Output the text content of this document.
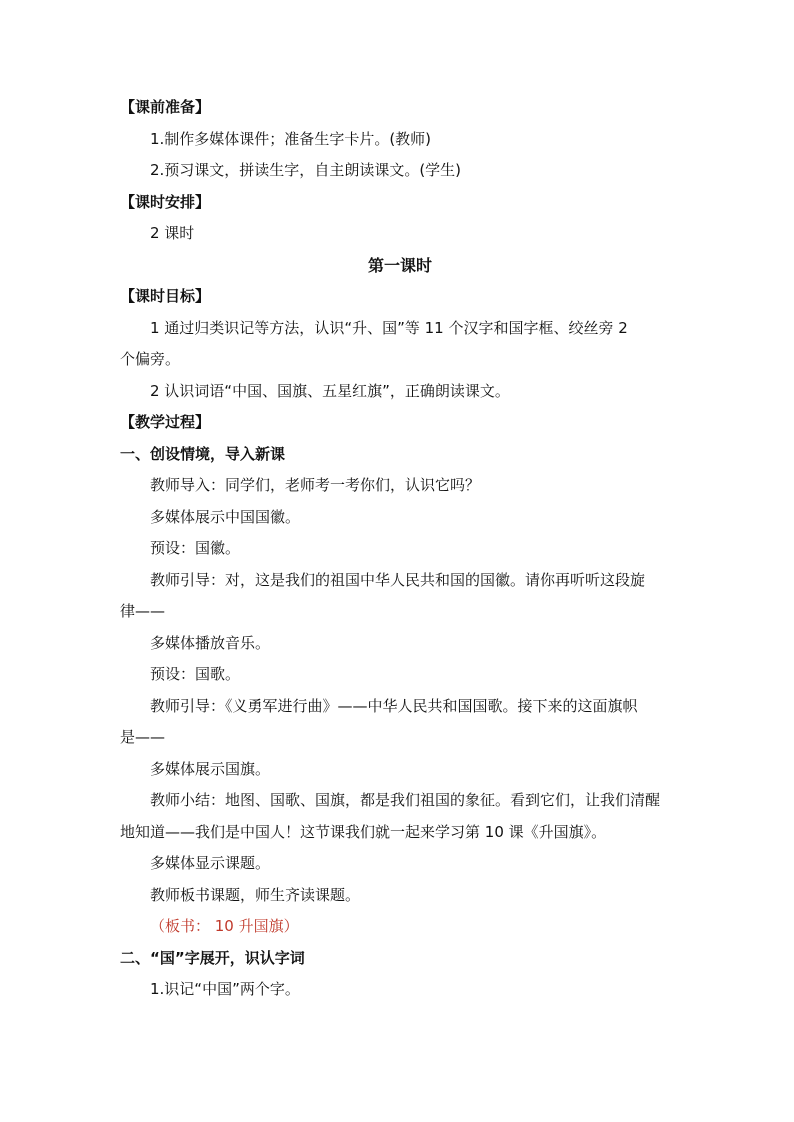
【课前准备】
1.制作多媒体课件；准备生字卡片。(教师)
2.预习课文，拼读生字，自主朗读课文。(学生)
【课时安排】
2 课时
第一课时
【课时目标】
1 通过归类识记等方法，认识“升、国”等 11 个汉字和国字框、绞丝旁 2
个偏旁。
2 认识词语“中国、国旗、五星红旗”，正确朗读课文。
【教学过程】
一、创设情境，导入新课
教师导入：同学们，老师考一考你们，认识它吗？
多媒体展示中国国徽。
预设：国徽。
教师引导：对，这是我们的祖国中华人民共和国的国徽。请你再听听这段旋
律——
多媒体播放音乐。
预设：国歌。
教师引导：《义勇军进行曲》——中华人民共和国国歌。接下来的这面旗帜
是——
多媒体展示国旗。
教师小结：地图、国歌、国旗，都是我们祖国的象征。看到它们，让我们清醒
地知道——我们是中国人！这节课我们就一起来学习第 10 课《升国旗》。
多媒体显示课题。
教师板书课题，师生齐读课题。
（板书： 10 升国旗）
二、“国”字展开，识认字词
1.识记“中国”两个字。
